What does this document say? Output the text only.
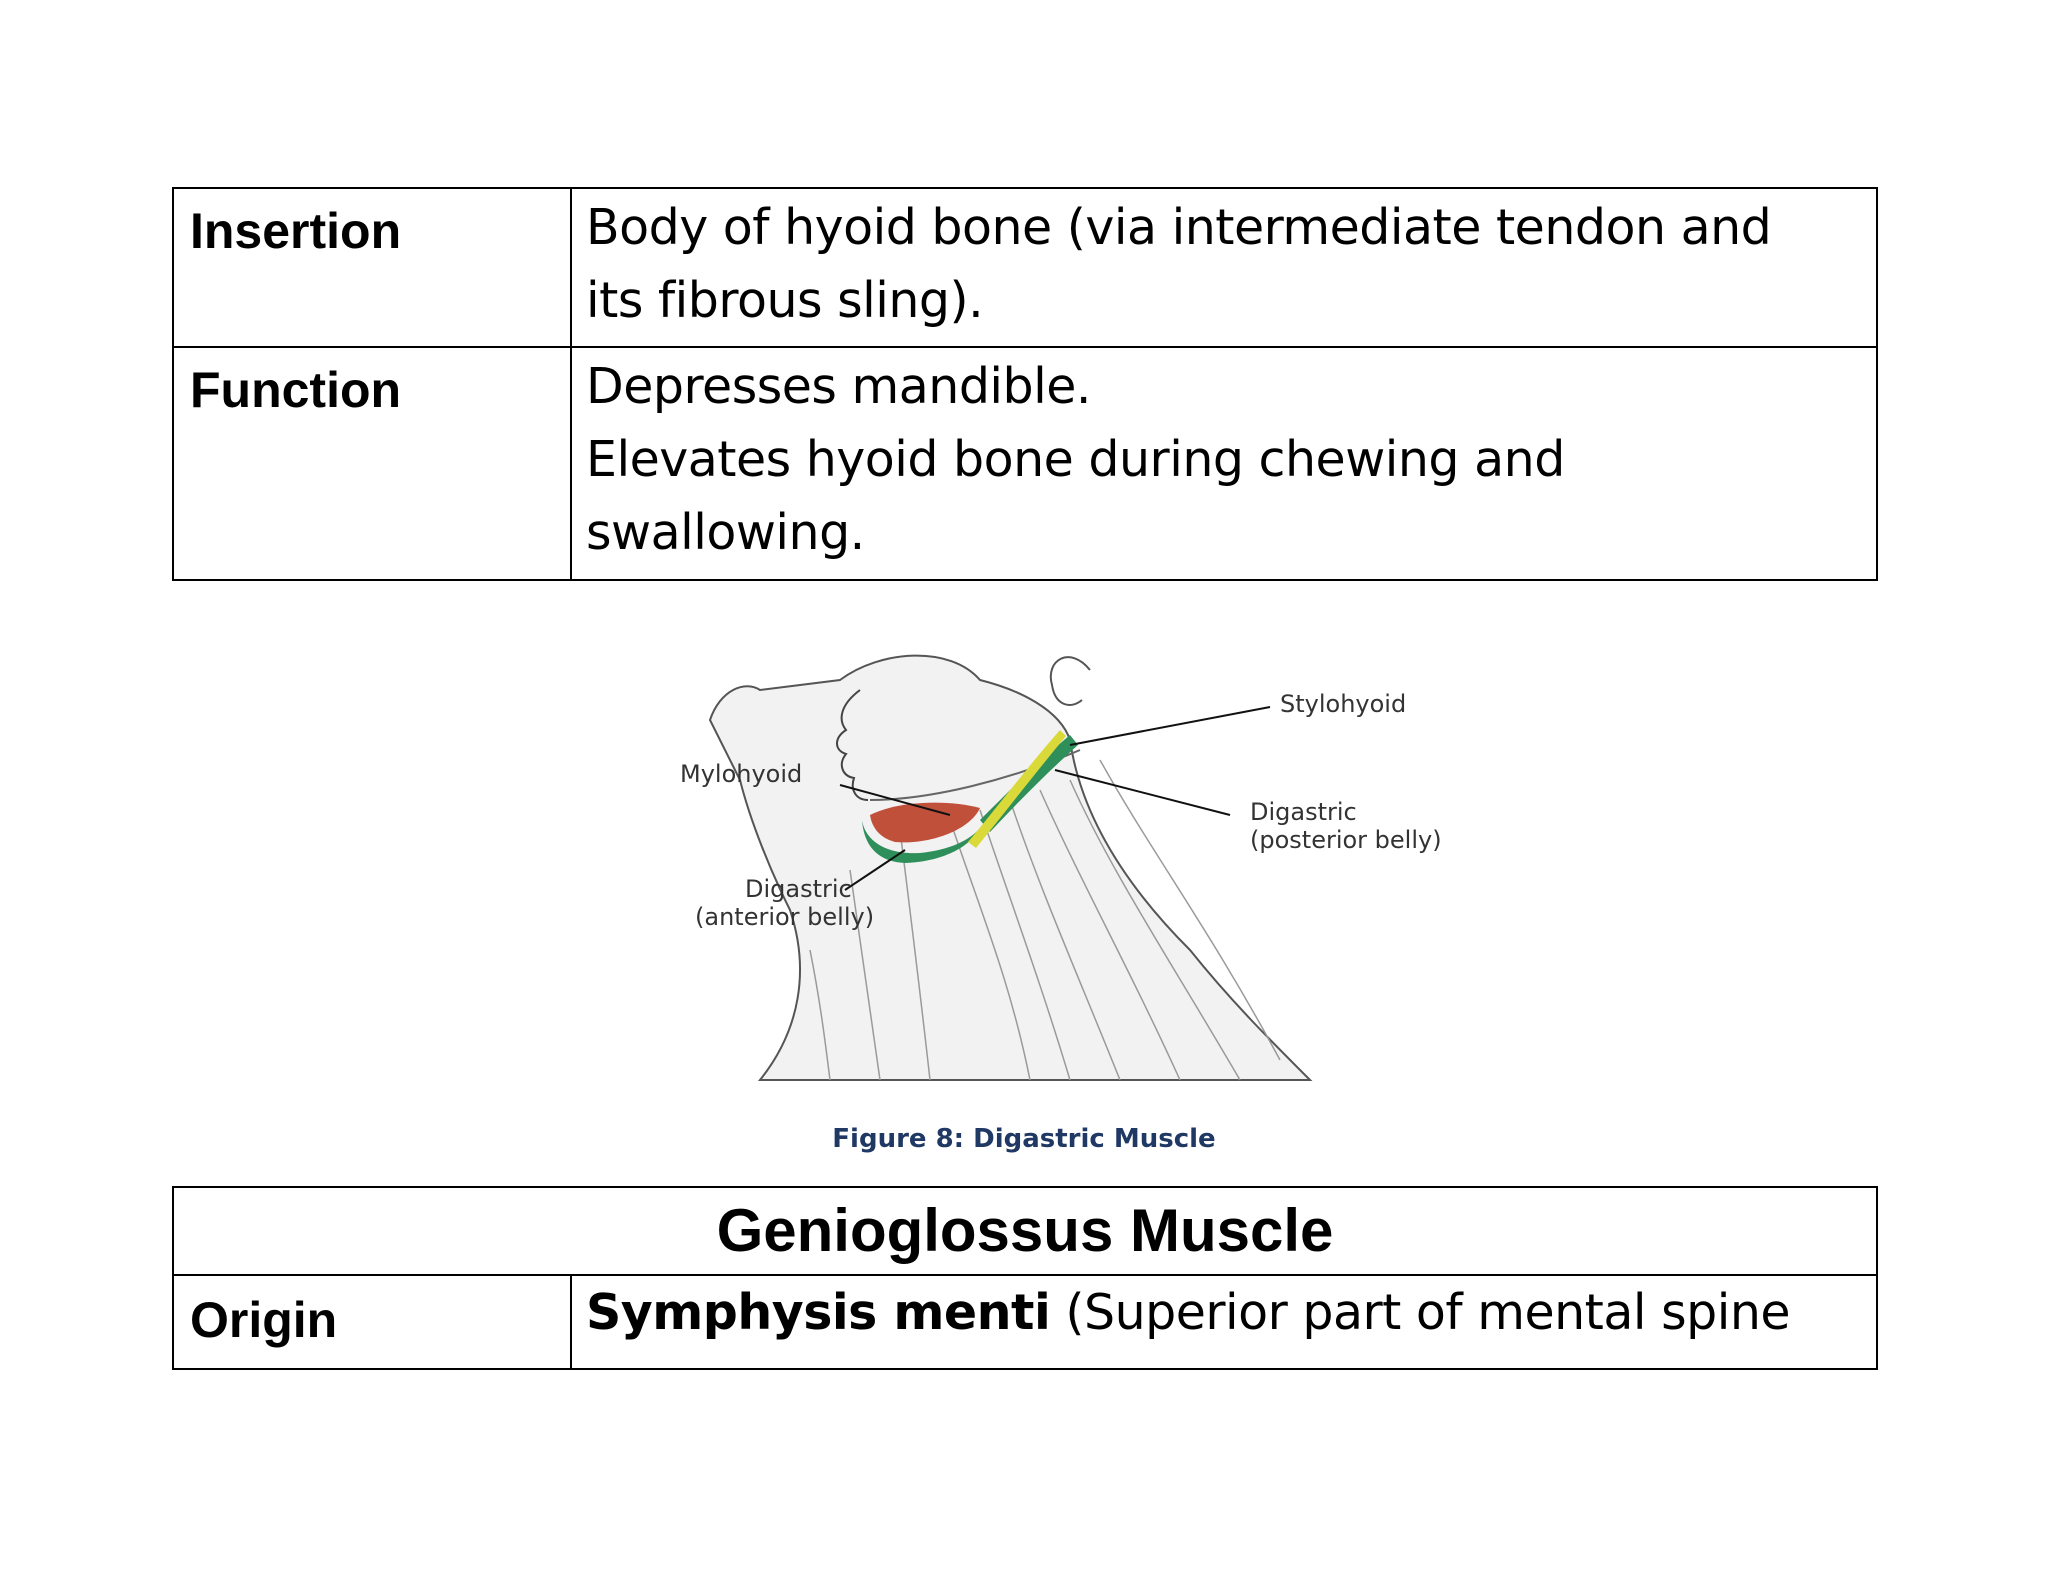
Insertion	Body of hyoid bone (via intermediate tendon and
its fibrous sling).

Function	Depresses mandible.
Elevates hyoid bone during chewing and
swallowing.
Stylohyoid
Mylohyoid
Digastric
(posterior belly)
Digastric
(anterior belly)
Figure 8: Digastric Muscle
Genioglossus Muscle
Origin	Symphysis menti (Superior part of mental spine
